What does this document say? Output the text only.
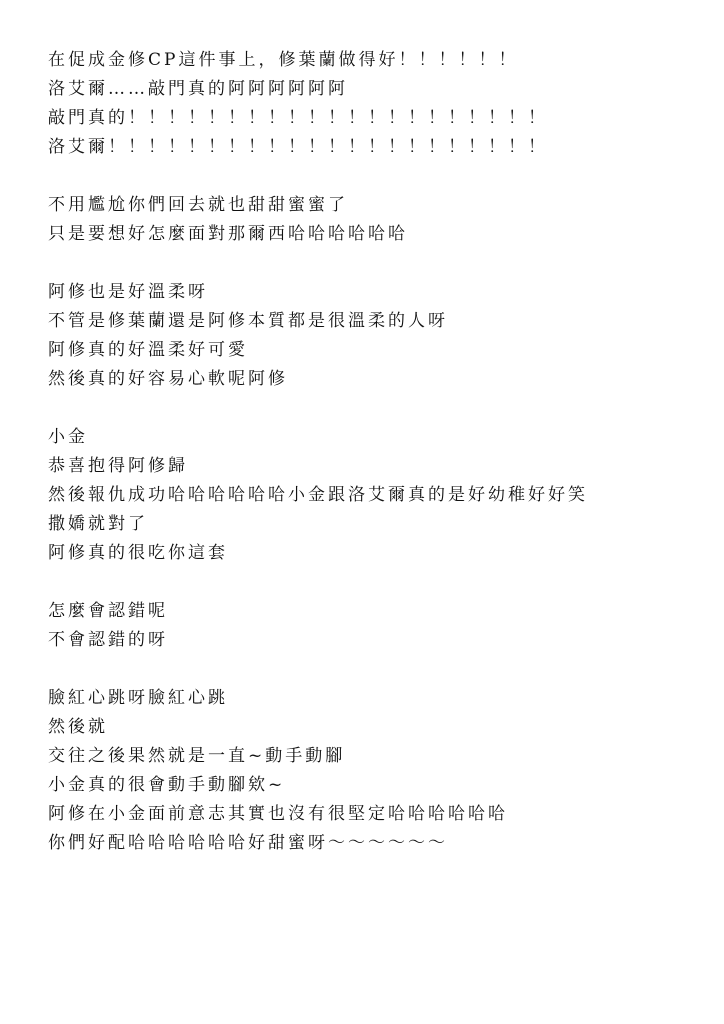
在促成金修CP這件事上，修葉蘭做得好！！！！！！
洛艾爾……敲門真的阿阿阿阿阿阿
敲門真的！！！！！！！！！！！！！！！！！！！！！
洛艾爾！！！！！！！！！！！！！！！！！！！！！！
不用尷尬你們回去就也甜甜蜜蜜了
只是要想好怎麼面對那爾西哈哈哈哈哈哈
阿修也是好溫柔呀
不管是修葉蘭還是阿修本質都是很溫柔的人呀
阿修真的好溫柔好可愛
然後真的好容易心軟呢阿修
小金
恭喜抱得阿修歸
然後報仇成功哈哈哈哈哈哈小金跟洛艾爾真的是好幼稚好好笑
撒嬌就對了
阿修真的很吃你這套
怎麼會認錯呢
不會認錯的呀
臉紅心跳呀臉紅心跳
然後就
交往之後果然就是一直~動手動腳
小金真的很會動手動腳欸~
阿修在小金面前意志其實也沒有很堅定哈哈哈哈哈哈
你們好配哈哈哈哈哈哈好甜蜜呀～～～～～～
